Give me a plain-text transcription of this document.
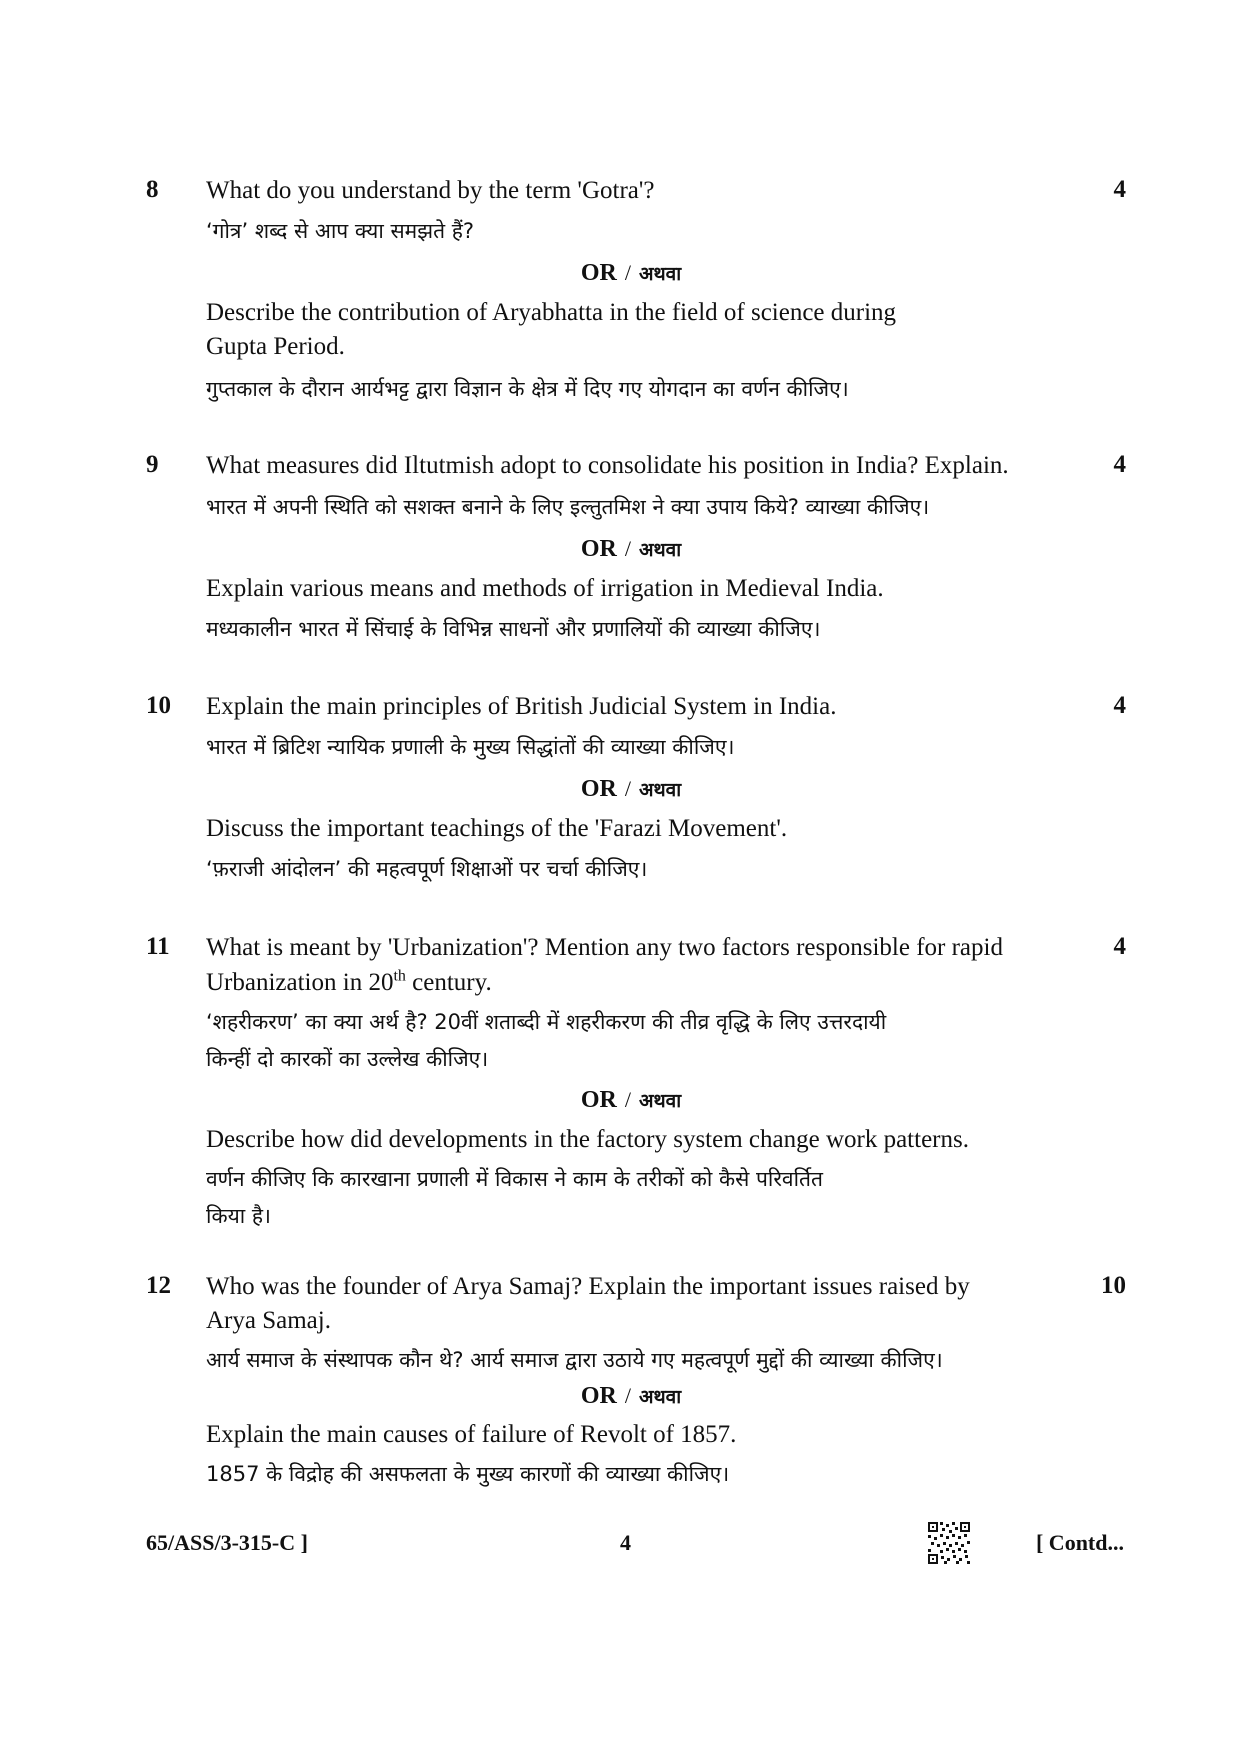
8	4
What do you understand by the term 'Gotra'?
‘गोत्र’ शब्द से आप क्या समझते हैं?
OR / अथवा
Describe the contribution of Aryabhatta in the field of science during
Gupta Period.
गुप्तकाल के दौरान आर्यभट्ट द्वारा विज्ञान के क्षेत्र में दिए गए योगदान का वर्णन कीजिए।
9	4
What measures did Iltutmish adopt to consolidate his position in India? Explain.
भारत में अपनी स्थिति को सशक्त बनाने के लिए इल्तुतमिश ने क्या उपाय किये? व्याख्या कीजिए।
OR / अथवा
Explain various means and methods of irrigation in Medieval India.
मध्यकालीन भारत में सिंचाई के विभिन्न साधनों और प्रणालियों की व्याख्या कीजिए।
10	4
Explain the main principles of British Judicial System in India.
भारत में ब्रिटिश न्यायिक प्रणाली के मुख्य सिद्धांतों की व्याख्या कीजिए।
OR / अथवा
Discuss the important teachings of the 'Farazi Movement'.
‘फ़राजी आंदोलन’ की महत्वपूर्ण शिक्षाओं पर चर्चा कीजिए।
11	4
What is meant by 'Urbanization'? Mention any two factors responsible for rapid
Urbanization in 20th century.
‘शहरीकरण’ का क्या अर्थ है? 20वीं शताब्दी में शहरीकरण की तीव्र वृद्धि के लिए उत्तरदायी
किन्हीं दो कारकों का उल्लेख कीजिए।
OR / अथवा
Describe how did developments in the factory system change work patterns.
वर्णन कीजिए कि कारखाना प्रणाली में विकास ने काम के तरीकों को कैसे परिवर्तित
किया है।
12	10
Who was the founder of Arya Samaj? Explain the important issues raised by
Arya Samaj.
आर्य समाज के संस्थापक कौन थे? आर्य समाज द्वारा उठाये गए महत्वपूर्ण मुद्दों की व्याख्या कीजिए।
OR / अथवा
Explain the main causes of failure of Revolt of 1857.
1857 के विद्रोह की असफलता के मुख्य कारणों की व्याख्या कीजिए।
65/ASS/3-315-C ]	4	[ Contd...
